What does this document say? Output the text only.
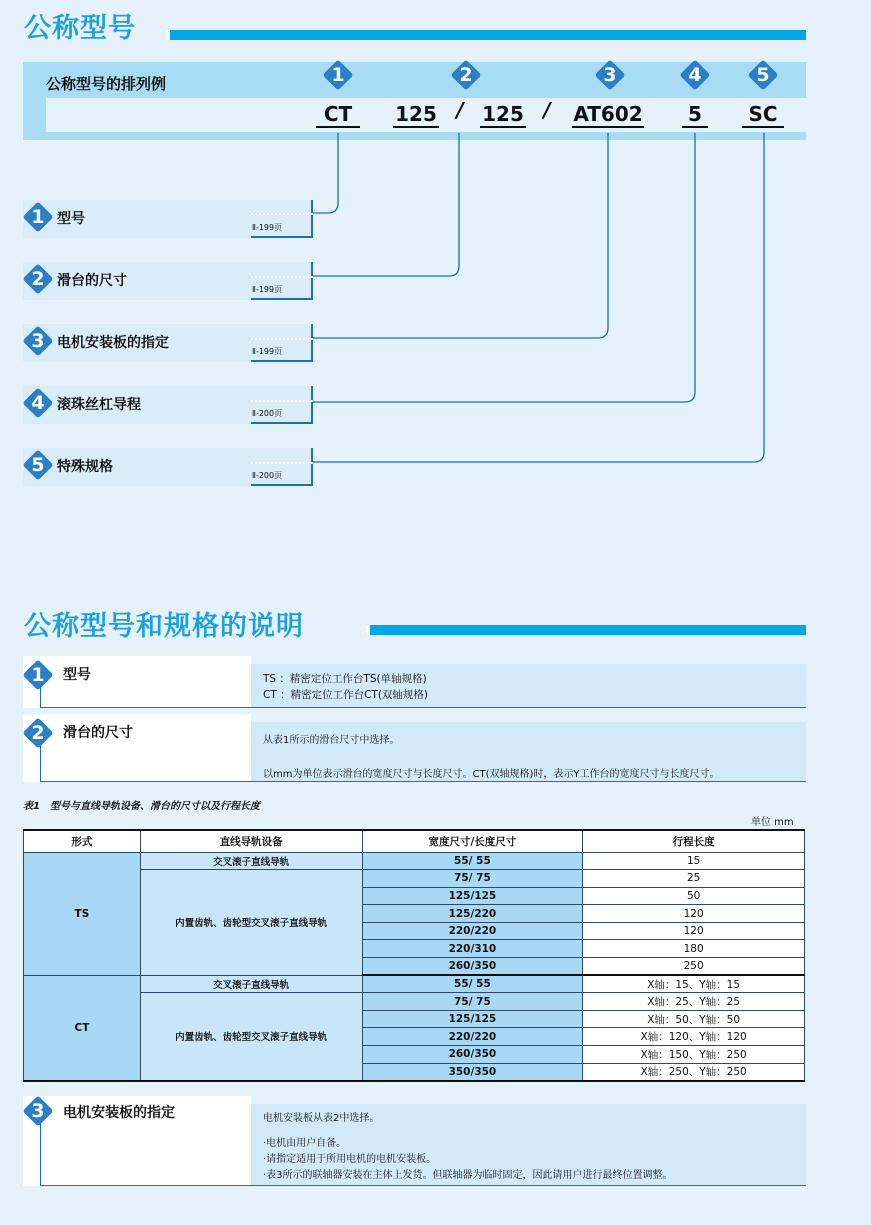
公称型号
公称型号的排列例	1	2	3	4	5
CT	125 / 125 / AT602	5	SC
1 型号
Ⅱ-199页
2 滑台的尺寸
Ⅱ-199页
3 电机安装板的指定
Ⅱ-199页
4 滚珠丝杠导程
Ⅱ-200页
5 特殊规格
Ⅱ-200页
公称型号和规格的说明
1	型号	TS ：精密定位工作台TS(单轴规格)
CT ：精密定位工作台CT(双轴规格)
2	滑台的尺寸	从表1所示的滑台尺寸中选择。
以mm为单位表示滑台的宽度尺寸与长度尺寸。CT(双轴规格)时，表示Y工作台的宽度尺寸与长度尺寸。
表1　型号与直线导轨设备、滑台的尺寸以及行程长度
单位 mm
形式	直线导轨设备	宽度尺寸/长度尺寸	行程长度
TS	交叉滚子直线导轨	55/ 55	15
	内置齿轨、齿轮型交叉滚子直线导轨	75/ 75	25
		125/125	50
		125/220	120
		220/220	120
		220/310	180
		260/350	250
CT	交叉滚子直线导轨	55/ 55	X轴：15、Y轴：15
	内置齿轨、齿轮型交叉滚子直线导轨	75/ 75	X轴：25、Y轴：25
		125/125	X轴：50、Y轴：50
		220/220	X轴：120、Y轴：120
		260/350	X轴：150、Y轴：250
		350/350	X轴：250、Y轴：250
3	电机安装板的指定	电机安装板从表2中选择。
·电机由用户自备。
·请指定适用于所用电机的电机安装板。
·表3所示的联轴器安装在主体上发货。但联轴器为临时固定，因此请用户进行最终位置调整。
